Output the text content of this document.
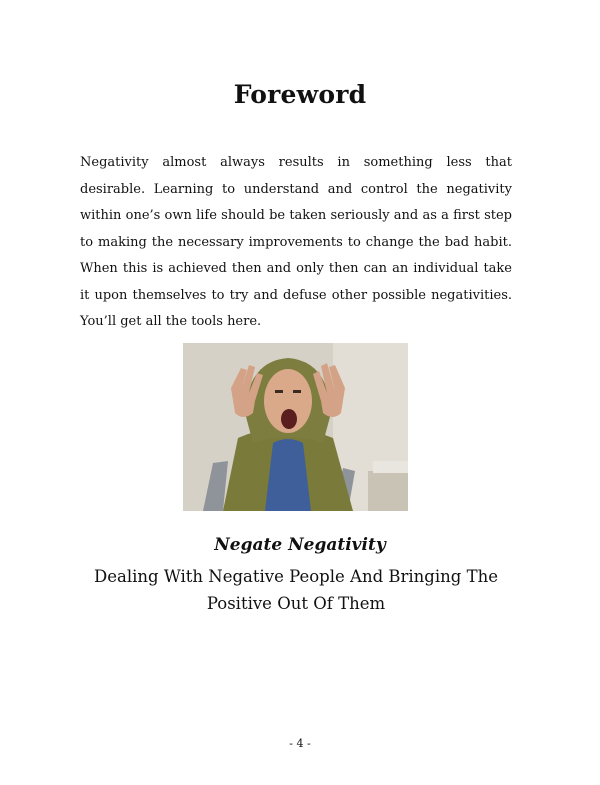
Foreword

Negativity almost always results in something less that desirable. Learning to understand and control the negativity within one’s own life should be taken seriously and as a first step to making the necessary improvements to change the bad habit. When this is achieved then and only then can an individual take it upon themselves to try and defuse other possible negativities. You’ll get all the tools here.

Negate Negativity

Dealing With Negative People And Bringing The Positive Out Of Them

- 4 -
